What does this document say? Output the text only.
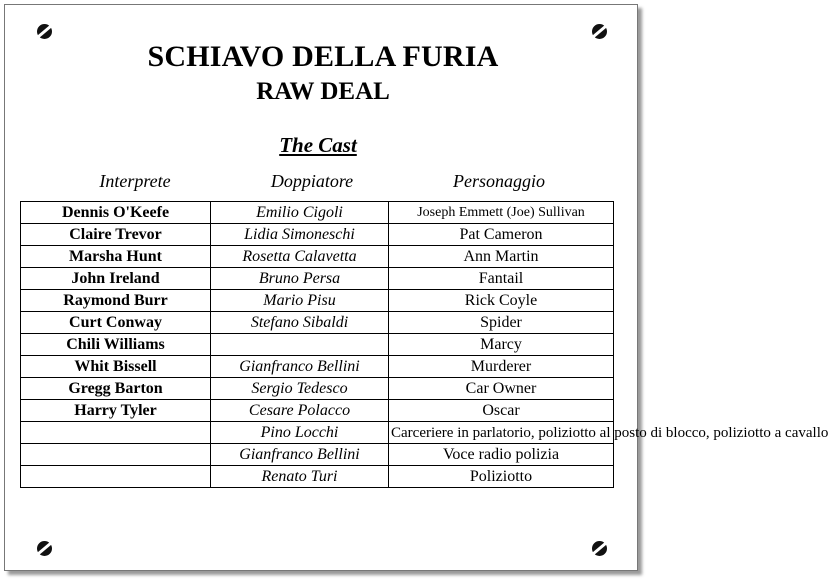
SCHIAVO DELLA FURIA
RAW DEAL
The Cast
Interprete	Doppiatore	Personaggio
Dennis O'Keefe	Emilio Cigoli	Joseph Emmett (Joe) Sullivan
Claire Trevor	Lidia Simoneschi	Pat Cameron
Marsha Hunt	Rosetta Calavetta	Ann Martin
John Ireland	Bruno Persa	Fantail
Raymond Burr	Mario Pisu	Rick Coyle
Curt Conway	Stefano Sibaldi	Spider
Chili Williams		Marcy
Whit Bissell	Gianfranco Bellini	Murderer
Gregg Barton	Sergio Tedesco	Car Owner
Harry Tyler	Cesare Polacco	Oscar
	Pino Locchi	Carceriere in parlatorio, poliziotto al posto di blocco, poliziotto a cavallo
	Gianfranco Bellini	Voce radio polizia
	Renato Turi	Poliziotto
